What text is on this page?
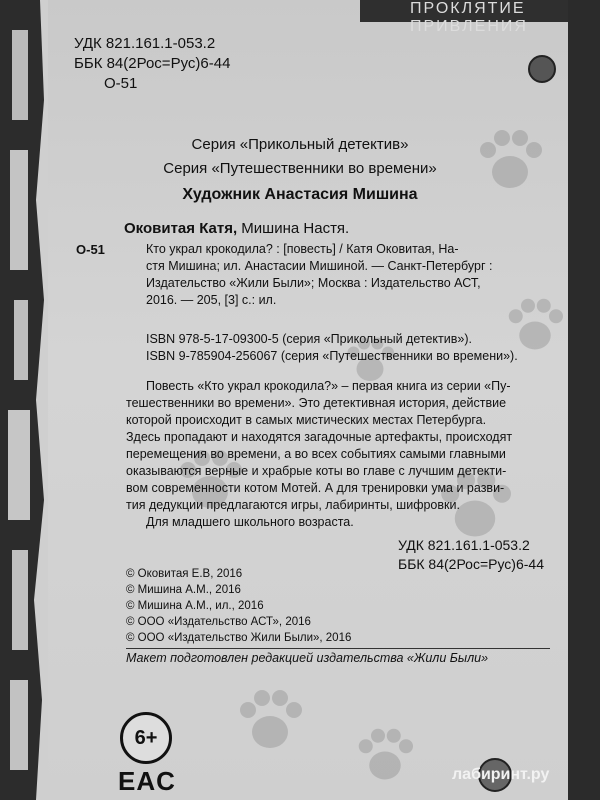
ПРОКЛЯТИЕ ПРИВЛЕНИЯ
УДК 821.161.1-053.2
ББК 84(2Рос=Рус)6-44
О-51
Серия «Прикольный детектив»
Серия «Путешественники во времени»
Художник Анастасия Мишина
О-51
Оковитая Катя, Мишина Настя.
Кто украл крокодила? : [повесть] / Катя Оковитая, На-
стя Мишина; ил. Анастасии Мишиной. — Санкт-Петербург :
Издательство «Жили Были»; Москва : Издательство АСТ,
2016. — 205, [3] с.: ил.
ISBN 978-5-17-09300-5 (серия «Прикольный детектив»).
ISBN 9-785904-256067 (серия «Путешественники во времени»).
Повесть «Кто украл крокодила?» – первая книга из серии «Пу-
тешественники во времени». Это детективная история, действие
которой происходит в самых мистических местах Петербурга.
Здесь пропадают и находятся загадочные артефакты, происходят
перемещения во времени, а во всех событиях самыми главными
оказываются верные и храбрые коты во главе с лучшим детекти-
вом современности котом Мотей. А для тренировки ума и разви-
тия дедукции предлагаются игры, лабиринты, шифровки.
Для младшего школьного возраста.
УДК 821.161.1-053.2
ББК 84(2Рос=Рус)6-44
© Оковитая Е.В, 2016
© Мишина А.М., 2016
© Мишина А.М., ил., 2016
© ООО «Издательство АСТ», 2016
© ООО «Издательство Жили Были», 2016
Макет подготовлен редакцией издательства «Жили Были»
6+
EAC	лабиринт.ру
